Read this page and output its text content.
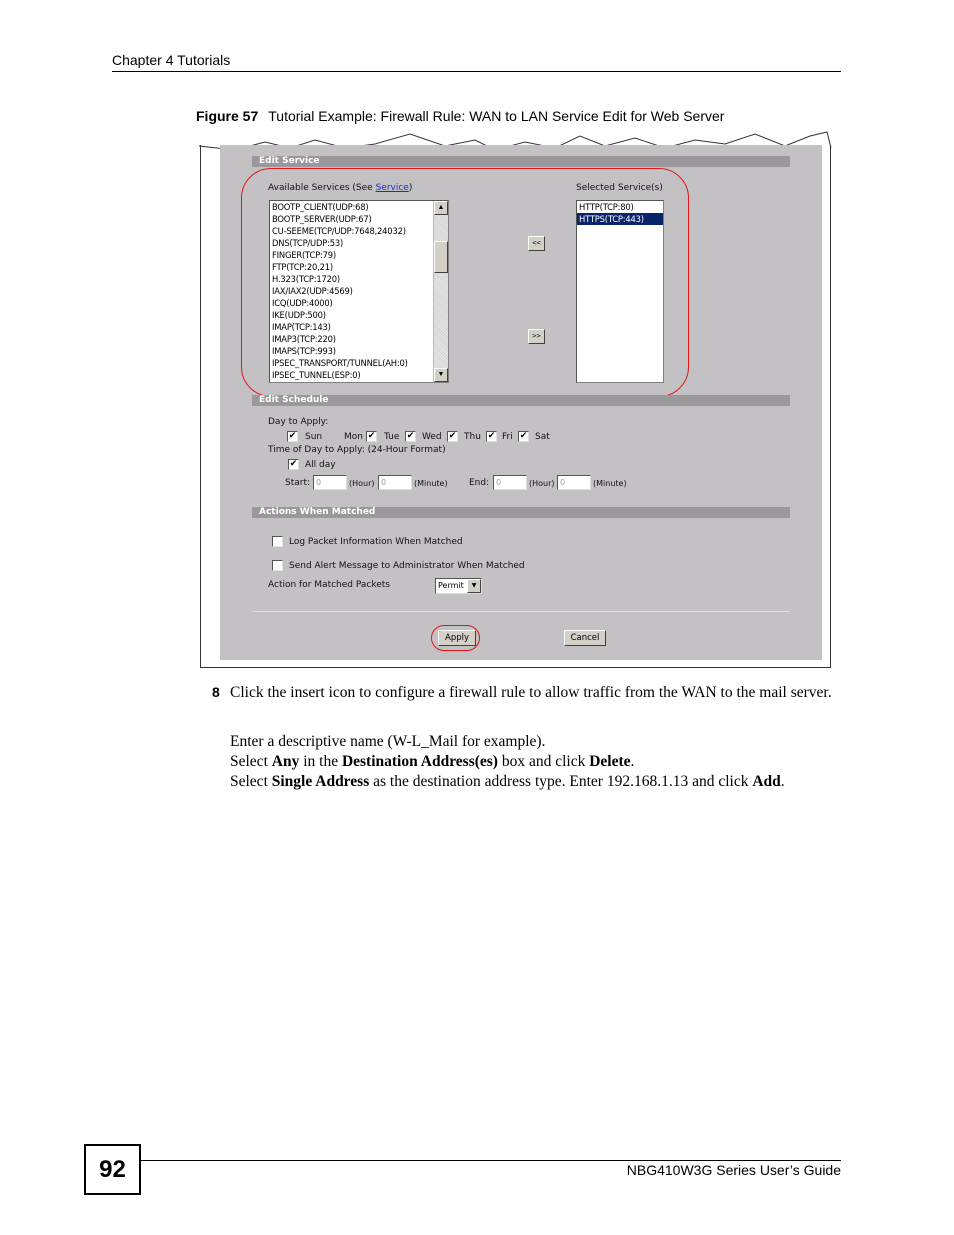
Chapter 4 Tutorials
Figure 57 Tutorial Example: Firewall Rule: WAN to LAN Service Edit for Web Server
Edit Service
Available Services (See Service)	Selected Service(s)
BOOTP_CLIENT(UDP:68)
BOOTP_SERVER(UDP:67)
CU-SEEME(TCP/UDP:7648,24032)
DNS(TCP/UDP:53)
FINGER(TCP:79)
FTP(TCP:20,21)
H.323(TCP:1720)
IAX/IAX2(UDP:4569)
ICQ(UDP:4000)
IKE(UDP:500)
IMAP(TCP:143)
IMAP3(TCP:220)
IMAPS(TCP:993)
IPSEC_TRANSPORT/TUNNEL(AH:0)
IPSEC_TUNNEL(ESP:0)
▲
▼
<<
>>
HTTP(TCP:80)
HTTPS(TCP:443)
Edit Schedule
Day to Apply:
✔ Sun	✔
Mon	✔
Tue	✔
Wed	✔
Thu	✔
Fri Sat
Time of Day to Apply: (24-Hour Format)
✔ All day
Start: 0	(Hour) 0	(Minute) End: 0	(Hour) 0	(Minute)
Actions When Matched
Log Packet Information When Matched
Send Alert Message to Administrator When Matched
Action for Matched Packets	Permit	▼
Apply	Cancel
8 Click the insert icon to configure a firewall rule to allow traffic from the WAN to the mail server.
Enter a descriptive name (W-L_Mail for example).
Select Any in the Destination Address(es) box and click Delete.
Select Single Address as the destination address type. Enter 192.168.1.13 and click Add.
92	NBG410W3G Series User’s Guide
